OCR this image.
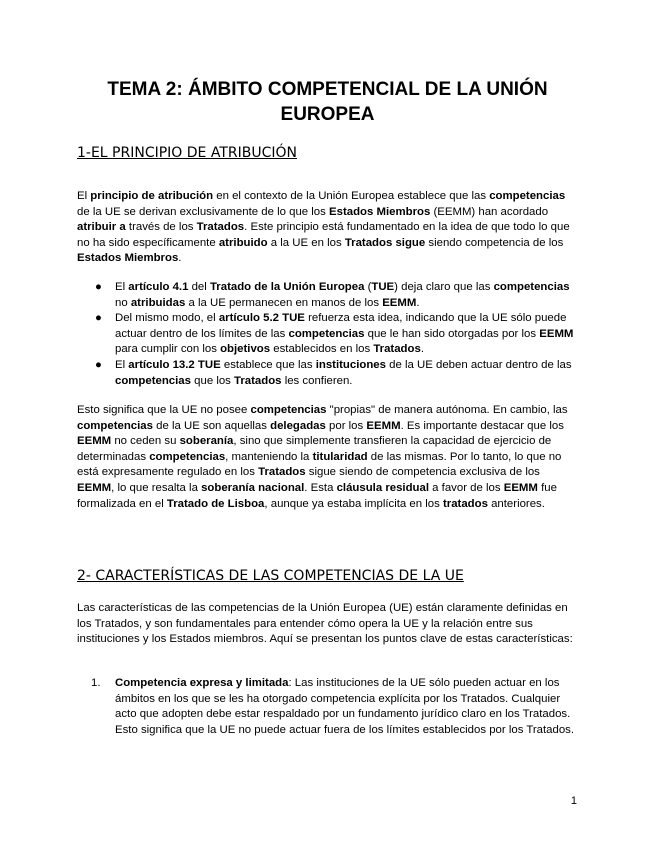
TEMA 2: ÁMBITO COMPETENCIAL DE LA UNIÓN EUROPEA
1-EL PRINCIPIO DE ATRIBUCIÓN

El principio de atribución en el contexto de la Unión Europea establece que las competencias de la UE se derivan exclusivamente de lo que los Estados Miembros (EEMM) han acordado atribuir a través de los Tratados. Este principio está fundamentado en la idea de que todo lo que no ha sido específicamente atribuido a la UE en los Tratados sigue siendo competencia de los Estados Miembros.

● El artículo 4.1 del Tratado de la Unión Europea (TUE) deja claro que las competencias no atribuidas a la UE permanecen en manos de los EEMM.
● Del mismo modo, el artículo 5.2 TUE refuerza esta idea, indicando que la UE sólo puede actuar dentro de los límites de las competencias que le han sido otorgadas por los EEMM para cumplir con los objetivos establecidos en los Tratados.
● El artículo 13.2 TUE establece que las instituciones de la UE deben actuar dentro de las competencias que los Tratados les confieren.

Esto significa que la UE no posee competencias "propias" de manera autónoma. En cambio, las competencias de la UE son aquellas delegadas por los EEMM. Es importante destacar que los EEMM no ceden su soberanía, sino que simplemente transfieren la capacidad de ejercicio de determinadas competencias, manteniendo la titularidad de las mismas. Por lo tanto, lo que no está expresamente regulado en los Tratados sigue siendo de competencia exclusiva de los EEMM, lo que resalta la soberanía nacional. Esta cláusula residual a favor de los EEMM fue formalizada en el Tratado de Lisboa, aunque ya estaba implícita en los tratados anteriores.

2- CARACTERÍSTICAS DE LAS COMPETENCIAS DE LA UE

Las características de las competencias de la Unión Europea (UE) están claramente definidas en los Tratados, y son fundamentales para entender cómo opera la UE y la relación entre sus instituciones y los Estados miembros. Aquí se presentan los puntos clave de estas características:

1. Competencia expresa y limitada: Las instituciones de la UE sólo pueden actuar en los ámbitos en los que se les ha otorgado competencia explícita por los Tratados. Cualquier acto que adopten debe estar respaldado por un fundamento jurídico claro en los Tratados. Esto significa que la UE no puede actuar fuera de los límites establecidos por los Tratados.
1
